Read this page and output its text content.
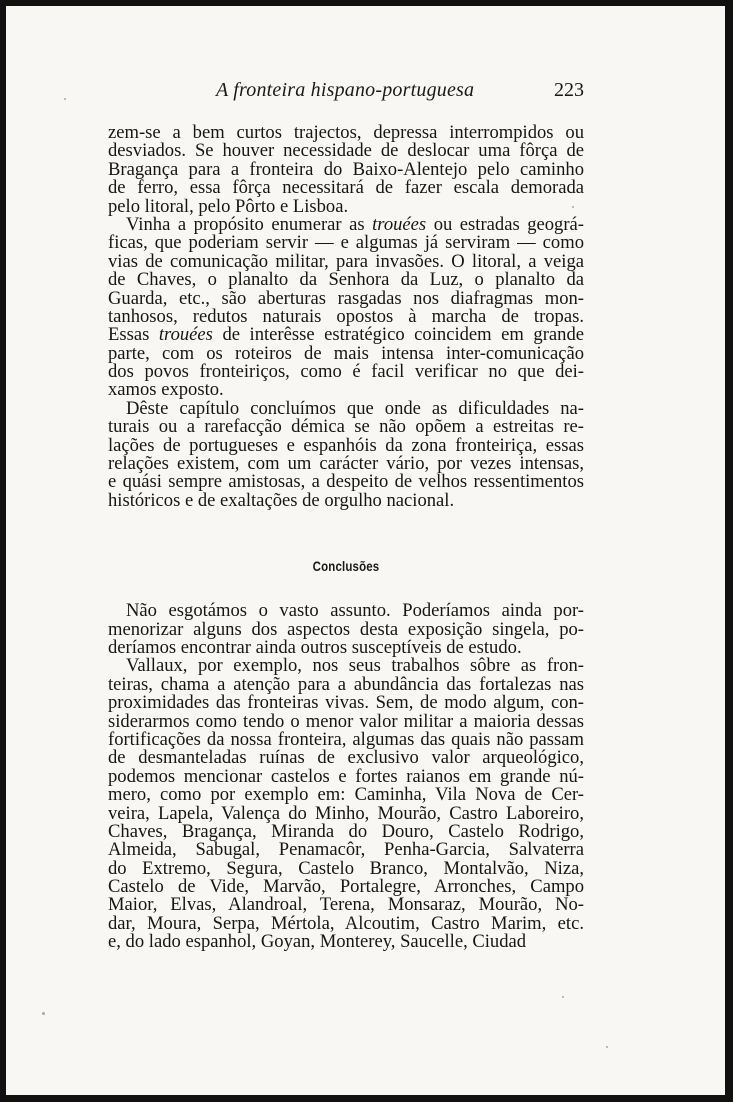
A fronteira hispano-portuguesa	223
zem-se a bem curtos trajectos, depressa interrompidos ou
desviados. Se houver necessidade de deslocar uma fôrça de
Bragança para a fronteira do Baixo-Alentejo pelo caminho
de ferro, essa fôrça necessitará de fazer escala demorada
pelo litoral, pelo Pôrto e Lisboa.
Vinha a propósito enumerar as trouées ou estradas geográ-
ficas, que poderiam servir — e algumas já serviram — como
vias de comunicação militar, para invasões. O litoral, a veiga
de Chaves, o planalto da Senhora da Luz, o planalto da
Guarda, etc., são aberturas rasgadas nos diafragmas mon-
tanhosos, redutos naturais opostos à marcha de tropas.
Essas trouées de interêsse estratégico coincidem em grande
parte, com os roteiros de mais intensa inter-comunicação
dos povos fronteiriços, como é facil verificar no que dei-
xamos exposto.
Dêste capítulo concluímos que onde as dificuldades na-
turais ou a rarefacção démica se não opõem a estreitas re-
lações de portugueses e espanhóis da zona fronteiriça, essas
relações existem, com um carácter vário, por vezes intensas,
e quási sempre amistosas, a despeito de velhos ressentimentos
históricos e de exaltações de orgulho nacional.
Conclusões
Não esgotámos o vasto assunto. Poderíamos ainda por-
menorizar alguns dos aspectos desta exposição singela, po-
deríamos encontrar ainda outros susceptíveis de estudo.
Vallaux, por exemplo, nos seus trabalhos sôbre as fron-
teiras, chama a atenção para a abundância das fortalezas nas
proximidades das fronteiras vivas. Sem, de modo algum, con-
siderarmos como tendo o menor valor militar a maioria dessas
fortificações da nossa fronteira, algumas das quais não passam
de desmanteladas ruínas de exclusivo valor arqueológico,
podemos mencionar castelos e fortes raianos em grande nú-
mero, como por exemplo em: Caminha, Vila Nova de Cer-
veira, Lapela, Valença do Minho, Mourão, Castro Laboreiro,
Chaves, Bragança, Miranda do Douro, Castelo Rodrigo,
Almeida, Sabugal, Penamacôr, Penha-Garcia, Salvaterra
do Extremo, Segura, Castelo Branco, Montalvão, Niza,
Castelo de Vide, Marvão, Portalegre, Arronches, Campo
Maior, Elvas, Alandroal, Terena, Monsaraz, Mourão, No-
dar, Moura, Serpa, Mértola, Alcoutim, Castro Marim, etc.
e, do lado espanhol, Goyan, Monterey, Saucelle, Ciudad
